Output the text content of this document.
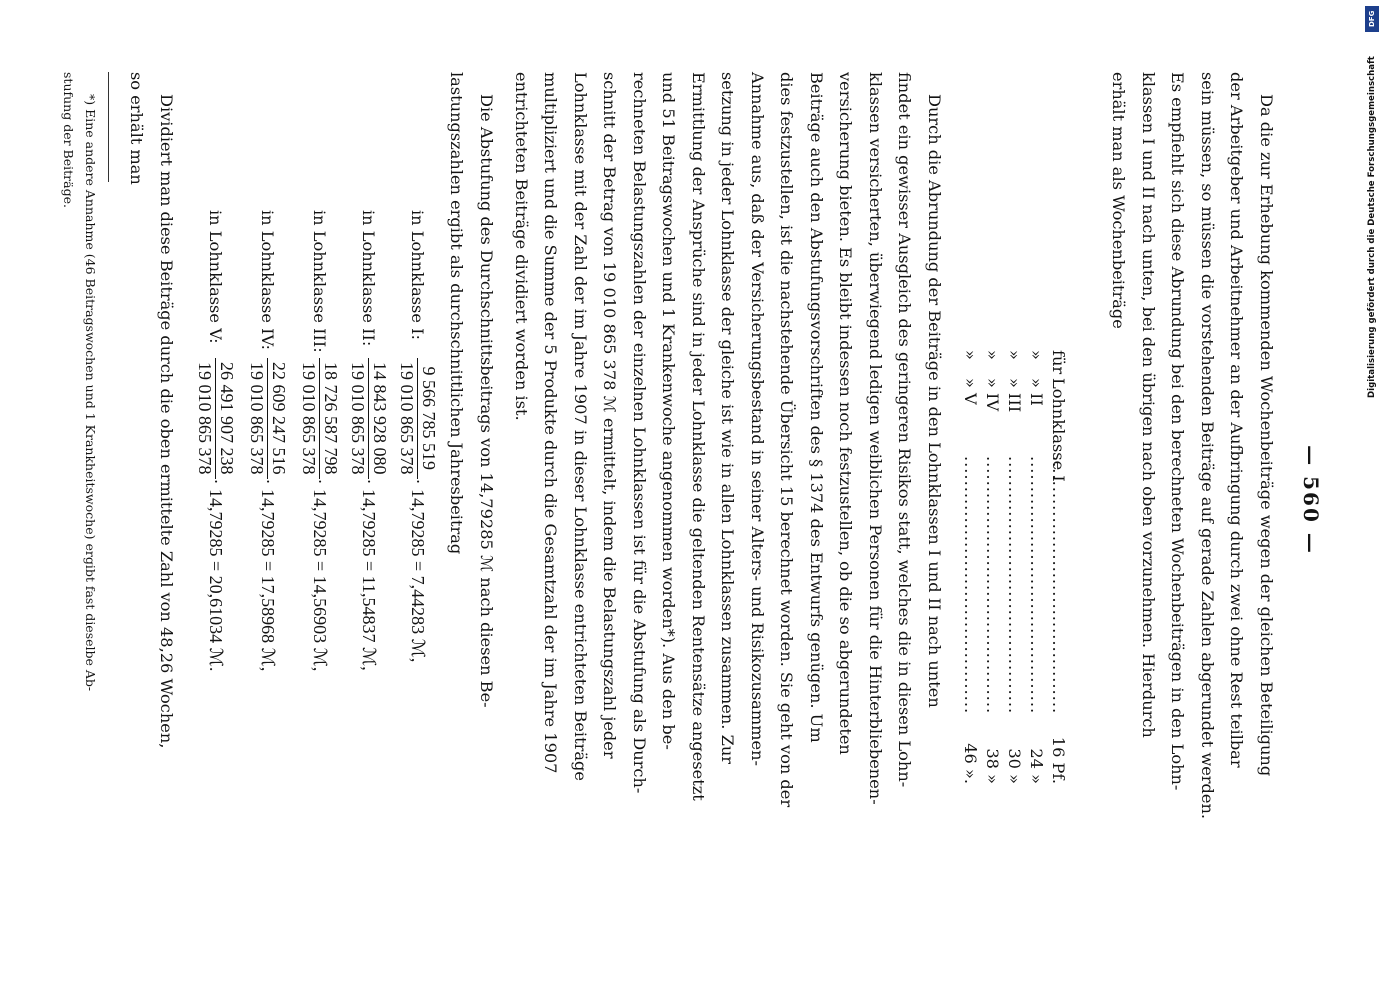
— 560 —
Da die zur Erhebung kommenden Wochenbeiträge wegen der gleichen Beteiligung
der Arbeitgeber und Arbeitnehmer an der Aufbringung durch zwei ohne Rest teilbar
sein müssen, so müssen die vorstehenden Beiträge auf gerade Zahlen abgerundet werden.
Es empfiehlt sich diese Abrundung bei den berechneten Wochenbeiträgen in den Lohn-
klassen I und II nach unten, bei den übrigen nach oben vorzunehmen. Hierdurch
erhält man als Wochenbeiträge
fürLohnklasse I..........................................16 Pf.
»» II..........................................24 »
»» III..........................................30 »
»» IV..........................................38 »
»» V..........................................46 ».
Durch die Abrundung der Beiträge in den Lohnklassen I und II nach unten
findet ein gewisser Ausgleich des geringeren Risikos statt, welches die in diesen Lohn-
klassen versicherten, überwiegend ledigen weiblichen Personen für die Hinterbliebenen-
versicherung bieten. Es bleibt indessen noch festzustellen, ob die so abgerundeten
Beiträge auch den Abstufungsvorschriften des § 1374 des Entwurfs genügen. Um
dies festzustellen, ist die nachstehende Übersicht 15 berechnet worden. Sie geht von der
Annahme aus, daß der Versicherungsbestand in seiner Alters- und Risikozusammen-
setzung in jeder Lohnklasse der gleiche ist wie in allen Lohnklassen zusammen. Zur
Ermittlung der Ansprüche sind in jeder Lohnklasse die geltenden Rentensätze angesetzt
und 51 Beitragswochen und 1 Krankenwoche angenommen worden*). Aus den be-
rechneten Belastungszahlen der einzelnen Lohnklassen ist für die Abstufung als Durch-
schnitt der Betrag von 19 010 865 378 ℳ ermittelt, indem die Belastungszahl jeder
Lohnklasse mit der Zahl der im Jahre 1907 in dieser Lohnklasse entrichteten Beiträge
multipliziert und die Summe der 5 Produkte durch die Gesamtzahl der im Jahre 1907
entrichteten Beiträge dividiert worden ist.
Die Abstufung des Durchschnittsbeitrags von 14,79285 ℳ nach diesen Be-
lastungszahlen ergibt als durchschnittlichen Jahresbeitrag
in Lohnklasse I:
9 566 785 519
19 010 865 378
· 14,79285 = 7,44283 ℳ,
in Lohnklasse II:
14 843 928 080
19 010 865 378
· 14,79285 = 11,54837 ℳ,
in Lohnklasse III:
18 726 587 798
19 010 865 378
· 14,79285 = 14,56903 ℳ,
in Lohnklasse IV:
22 609 247 516
19 010 865 378
· 14,79285 = 17,58968 ℳ,
in Lohnklasse V:
26 491 907 238
19 010 865 378
· 14,79285 = 20,61034 ℳ.
Dividiert man diese Beiträge durch die oben ermittelte Zahl von 48,26 Wochen,
so erhält man
*) Eine andere Annahme (46 Beitragswochen und 1 Krankheitswoche) ergibt fast dieselbe Ab-
stufung der Beiträge.
DFG
Digitalisierung gefördert durch die Deutsche Forschungsgemeinschaft
